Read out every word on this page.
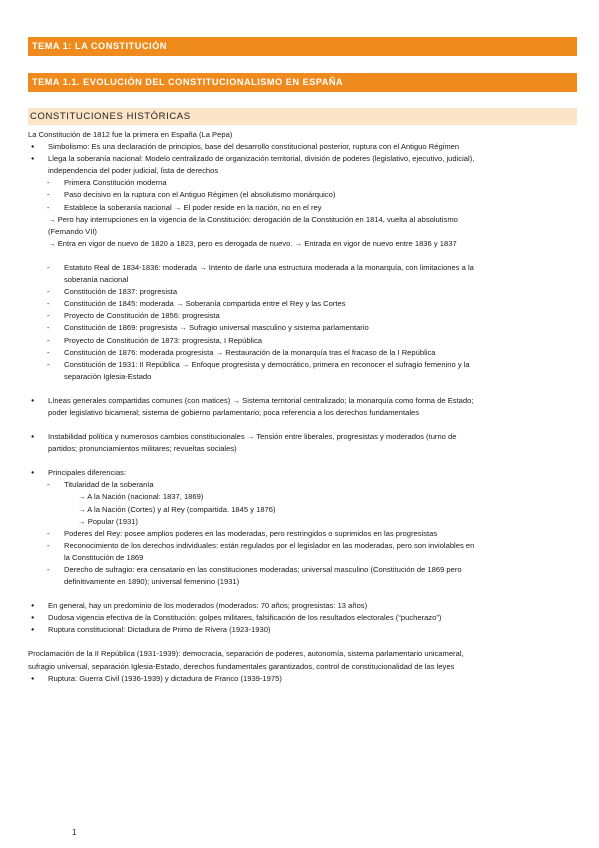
TEMA 1: LA CONSTITUCIÓN
TEMA 1.1. EVOLUCIÓN DEL CONSTITUCIONALISMO EN ESPAÑA
CONSTITUCIONES HISTÓRICAS
La Constitución de 1812 fue la primera en España (La Pepa)
● Simbolismo: Es una declaración de principios, base del desarrollo constitucional posterior, ruptura con el Antiguo Régimen
● Llega la soberanía nacional: Modelo centralizado de organización territorial, división de poderes (legislativo, ejecutivo, judicial),
independencia del poder judicial, lista de derechos
- Primera Constitución moderna
- Paso decisivo en la ruptura con el Antiguo Régimen (el absolutismo monárquico)
- Establece la soberanía nacional → El poder reside en la nación, no en el rey
→ Pero hay interrupciones en la vigencia de la Constitución: derogación de la Constitución en 1814, vuelta al absolutismo
(Fernando VII)
→ Entra en vigor de nuevo de 1820 a 1823, pero es derogada de nuevo. → Entrada en vigor de nuevo entre 1836 y 1837
- Estatuto Real de 1834-1836: moderada → Intento de darle una estructura moderada a la monarquía, con limitaciones a la
soberanía nacional
- Constitución de 1837: progresista
- Constitución de 1845: moderada → Soberanía compartida entre el Rey y las Cortes
- Proyecto de Constitución de 1856: progresista
- Constitución de 1869: progresista → Sufragio universal masculino y sistema parlamentario
- Proyecto de Constitución de 1873: progresista, I República
- Constitución de 1876: moderada progresista → Restauración de la monarquía tras el fracaso de la I República
- Constitución de 1931: II República → Enfoque progresista y democrático, primera en reconocer el sufragio femenino y la
separación Iglesia-Estado
● Líneas generales compartidas comunes (con matices) → Sistema territorial centralizado; la monarquía como forma de Estado;
poder legislativo bicameral; sistema de gobierno parlamentario; poca referencia a los derechos fundamentales
● Instabilidad política y numerosos cambios constitucionales → Tensión entre liberales, progresistas y moderados (turno de
partidos; pronunciamientos militares; revueltas sociales)
● Principales diferencias:
- Titularidad de la soberanía
→ A la Nación (nacional: 1837, 1869)
→ A la Nación (Cortes) y al Rey (compartida. 1845 y 1876)
→ Popular (1931)
- Poderes del Rey: posee amplios poderes en las moderadas, pero restringidos o suprimidos en las progresistas
- Reconocimiento de los derechos individuales: están regulados por el legislador en las moderadas, pero son inviolables en
la Constitución de 1869
- Derecho de sufragio: era censatario en las constituciones moderadas; universal masculino (Constitución de 1869 pero
definitivamente en 1890); universal femenino (1931)
● En general, hay un predominio de los moderados (moderados: 70 años; progresistas: 13 años)
● Dudosa vigencia efectiva de la Constitución: golpes militares, falsificación de los resultados electorales (“pucherazo”)
● Ruptura constitucional: Dictadura de Primo de Rivera (1923-1930)
Proclamación de la II República (1931-1939): democracia, separación de poderes, autonomía, sistema parlamentario unicameral,
sufragio universal, separación Iglesia-Estado, derechos fundamentales garantizados, control de constitucionalidad de las leyes
● Ruptura: Guerra Civil (1936-1939) y dictadura de Franco (1939-1975)
1
